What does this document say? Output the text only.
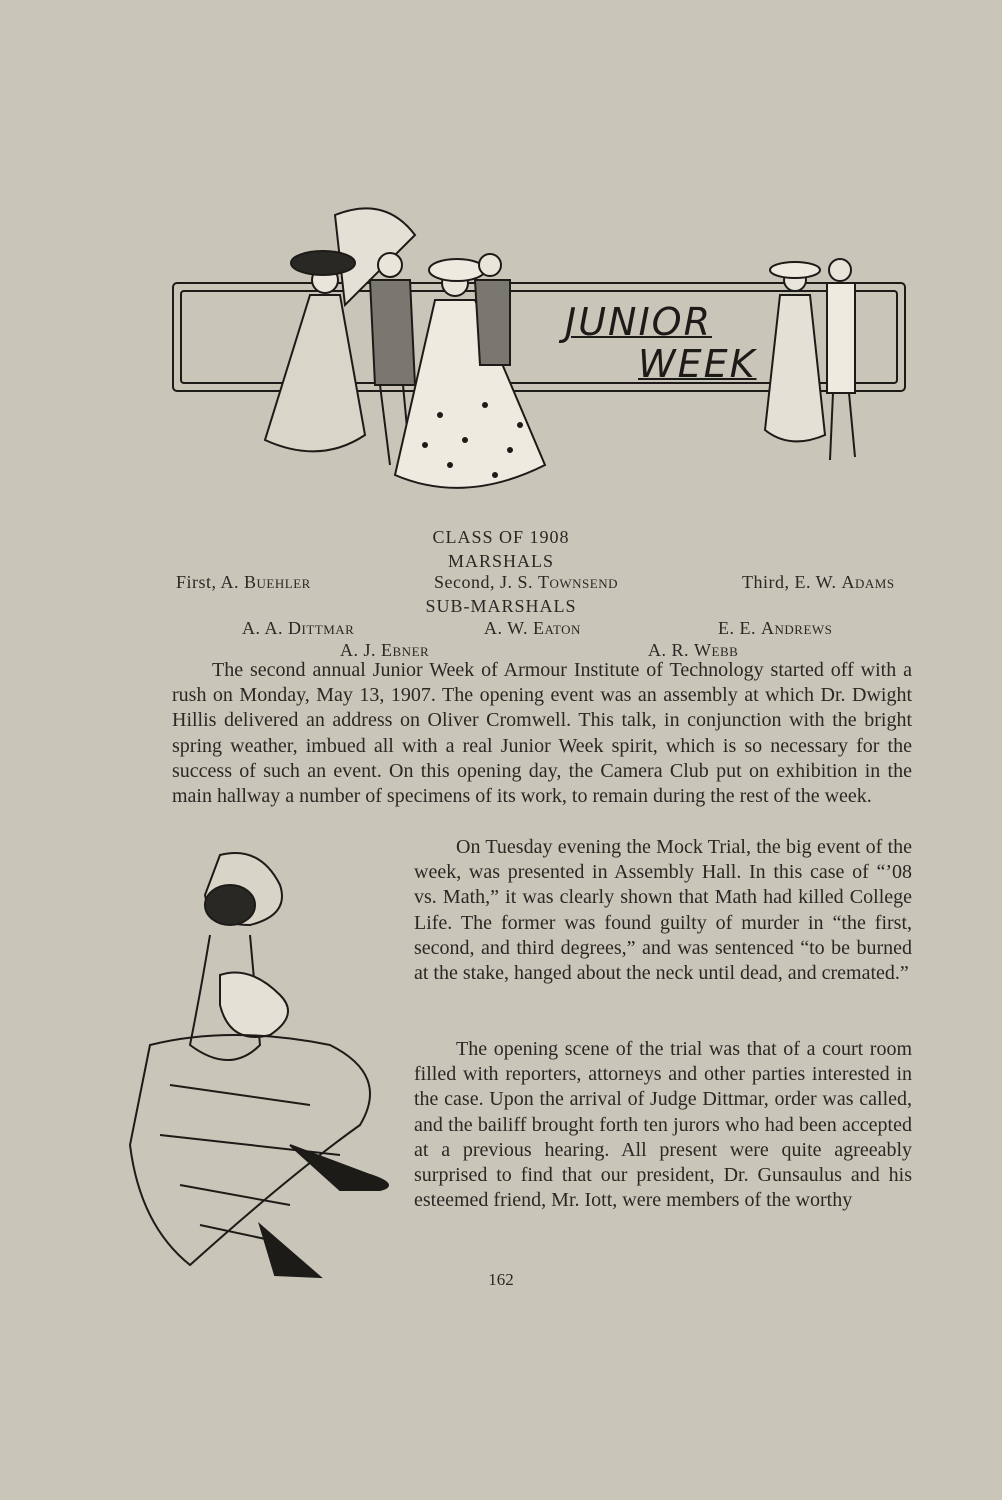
JUNIOR
WEEK
CLASS OF 1908
MARSHALS
First, A. Buehler	Second, J. S. Townsend	Third, E. W. Adams
SUB-MARSHALS
A. A. Dittmar	A. W. Eaton	E. E. Andrews
A. J. Ebner	A. R. Webb

The second annual Junior Week of Armour Institute of Technology started off with a rush on Monday, May 13, 1907. The opening event was an assembly at which Dr. Dwight Hillis delivered an address on Oliver Cromwell. This talk, in conjunction with the bright spring weather, imbued all with a real Junior Week spirit, which is so necessary for the success of such an event. On this opening day, the Camera Club put on exhibition in the main hallway a number of specimens of its work, to remain during the rest of the week.

On Tuesday evening the Mock Trial, the big event of the week, was presented in Assembly Hall. In this case of “’08 vs. Math,” it was clearly shown that Math had killed College Life. The former was found guilty of murder in “the first, second, and third degrees,” and was sentenced “to be burned at the stake, hanged about the neck until dead, and cremated.”

The opening scene of the trial was that of a court room filled with reporters, attorneys and other parties interested in the case. Upon the arrival of Judge Dittmar, order was called, and the bailiff brought forth ten jurors who had been accepted at a previous hearing. All present were quite agreeably surprised to find that our president, Dr. Gunsaulus and his esteemed friend, Mr. Iott, were members of the worthy

162
